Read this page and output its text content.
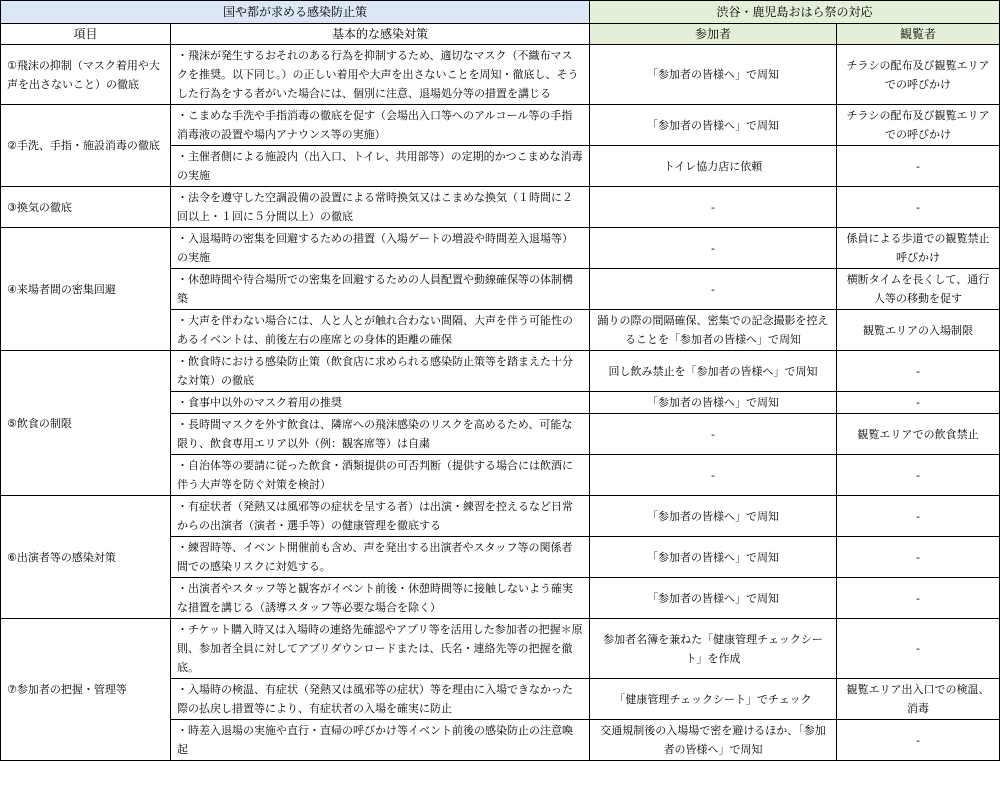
国や都が求める感染防止策		渋谷・鹿児島おはら祭の対応	
項目	基本的な感染対策	参加者	観覧者
①飛沫の抑制（マスク着用や大声を出さないこと）の徹底	・飛沫が発生するおそれのある行為を抑制するため、適切なマスク（不織布マスクを推奨。以下同じ。）の正しい着用や大声を出さないことを周知・徹底し、そうした行為をする者がいた場合には、個別に注意、退場処分等の措置を講じる	「参加者の皆様へ」で周知	チラシの配布及び観覧エリアでの呼びかけ
②手洗、手指・施設消毒の徹底	・こまめな手洗や手指消毒の徹底を促す（会場出入口等へのアルコール等の手指消毒液の設置や場内アナウンス等の実施）	「参加者の皆様へ」で周知	チラシの配布及び観覧エリアでの呼びかけ
	・主催者側による施設内（出入口、トイレ、共用部等）の定期的かつこまめな消毒の実施	トイレ協力店に依頼	-
③換気の徹底	・法令を遵守した空調設備の設置による常時換気又はこまめな換気（１時間に２回以上・１回に５分間以上）の徹底	-	-
④来場者間の密集回避	・入退場時の密集を回避するための措置（入場ゲートの増設や時間差入退場等）の実施	-	係員による歩道での観覧禁止呼びかけ
	・休憩時間や待合場所での密集を回避するための人員配置や動線確保等の体制構築	-	横断タイムを長くして、通行人等の移動を促す
	・大声を伴わない場合には、人と人とが触れ合わない間隔、大声を伴う可能性のあるイベントは、前後左右の座席との身体的距離の確保	踊りの際の間隔確保、密集での記念撮影を控えることを「参加者の皆様へ」で周知	観覧エリアの入場制限
⑤飲食の制限	・飲食時における感染防止策（飲食店に求められる感染防止策等を踏まえた十分な対策）の徹底	回し飲み禁止を「参加者の皆様へ」で周知	-
	・食事中以外のマスク着用の推奨	「参加者の皆様へ」で周知	-
	・長時間マスクを外す飲食は、隣席への飛沫感染のリスクを高めるため、可能な限り、飲食専用エリア以外（例：観客席等）は自粛	-	観覧エリアでの飲食禁止
	・自治体等の要請に従った飲食・酒類提供の可否判断（提供する場合には飲酒に伴う大声等を防ぐ対策を検討）	-	-
⑥出演者等の感染対策	・有症状者（発熱又は風邪等の症状を呈する者）は出演・練習を控えるなど日常からの出演者（演者・選手等）の健康管理を徹底する	「参加者の皆様へ」で周知	-
	・練習時等、イベント開催前も含め、声を発出する出演者やスタッフ等の関係者間での感染リスクに対処する。	「参加者の皆様へ」で周知	-
	・出演者やスタッフ等と観客がイベント前後・休憩時間等に接触しないよう確実な措置を講じる（誘導スタッフ等必要な場合を除く）	「参加者の皆様へ」で周知	-
⑦参加者の把握・管理等	・チケット購入時又は入場時の連絡先確認やアプリ等を活用した参加者の把握＊原則、参加者全員に対してアプリダウンロードまたは、氏名・連絡先等の把握を徹底。	参加者名簿を兼ねた「健康管理チェックシート」を作成	-
	・入場時の検温、有症状（発熱又は風邪等の症状）等を理由に入場できなかった際の払戻し措置等により、有症状者の入場を確実に防止	「健康管理チェックシート」でチェック	観覧エリア出入口での検温、消毒
	・時差入退場の実施や直行・直帰の呼びかけ等イベント前後の感染防止の注意喚起	交通規制後の入場場で密を避けるほか、「参加者の皆様へ」で周知	-
